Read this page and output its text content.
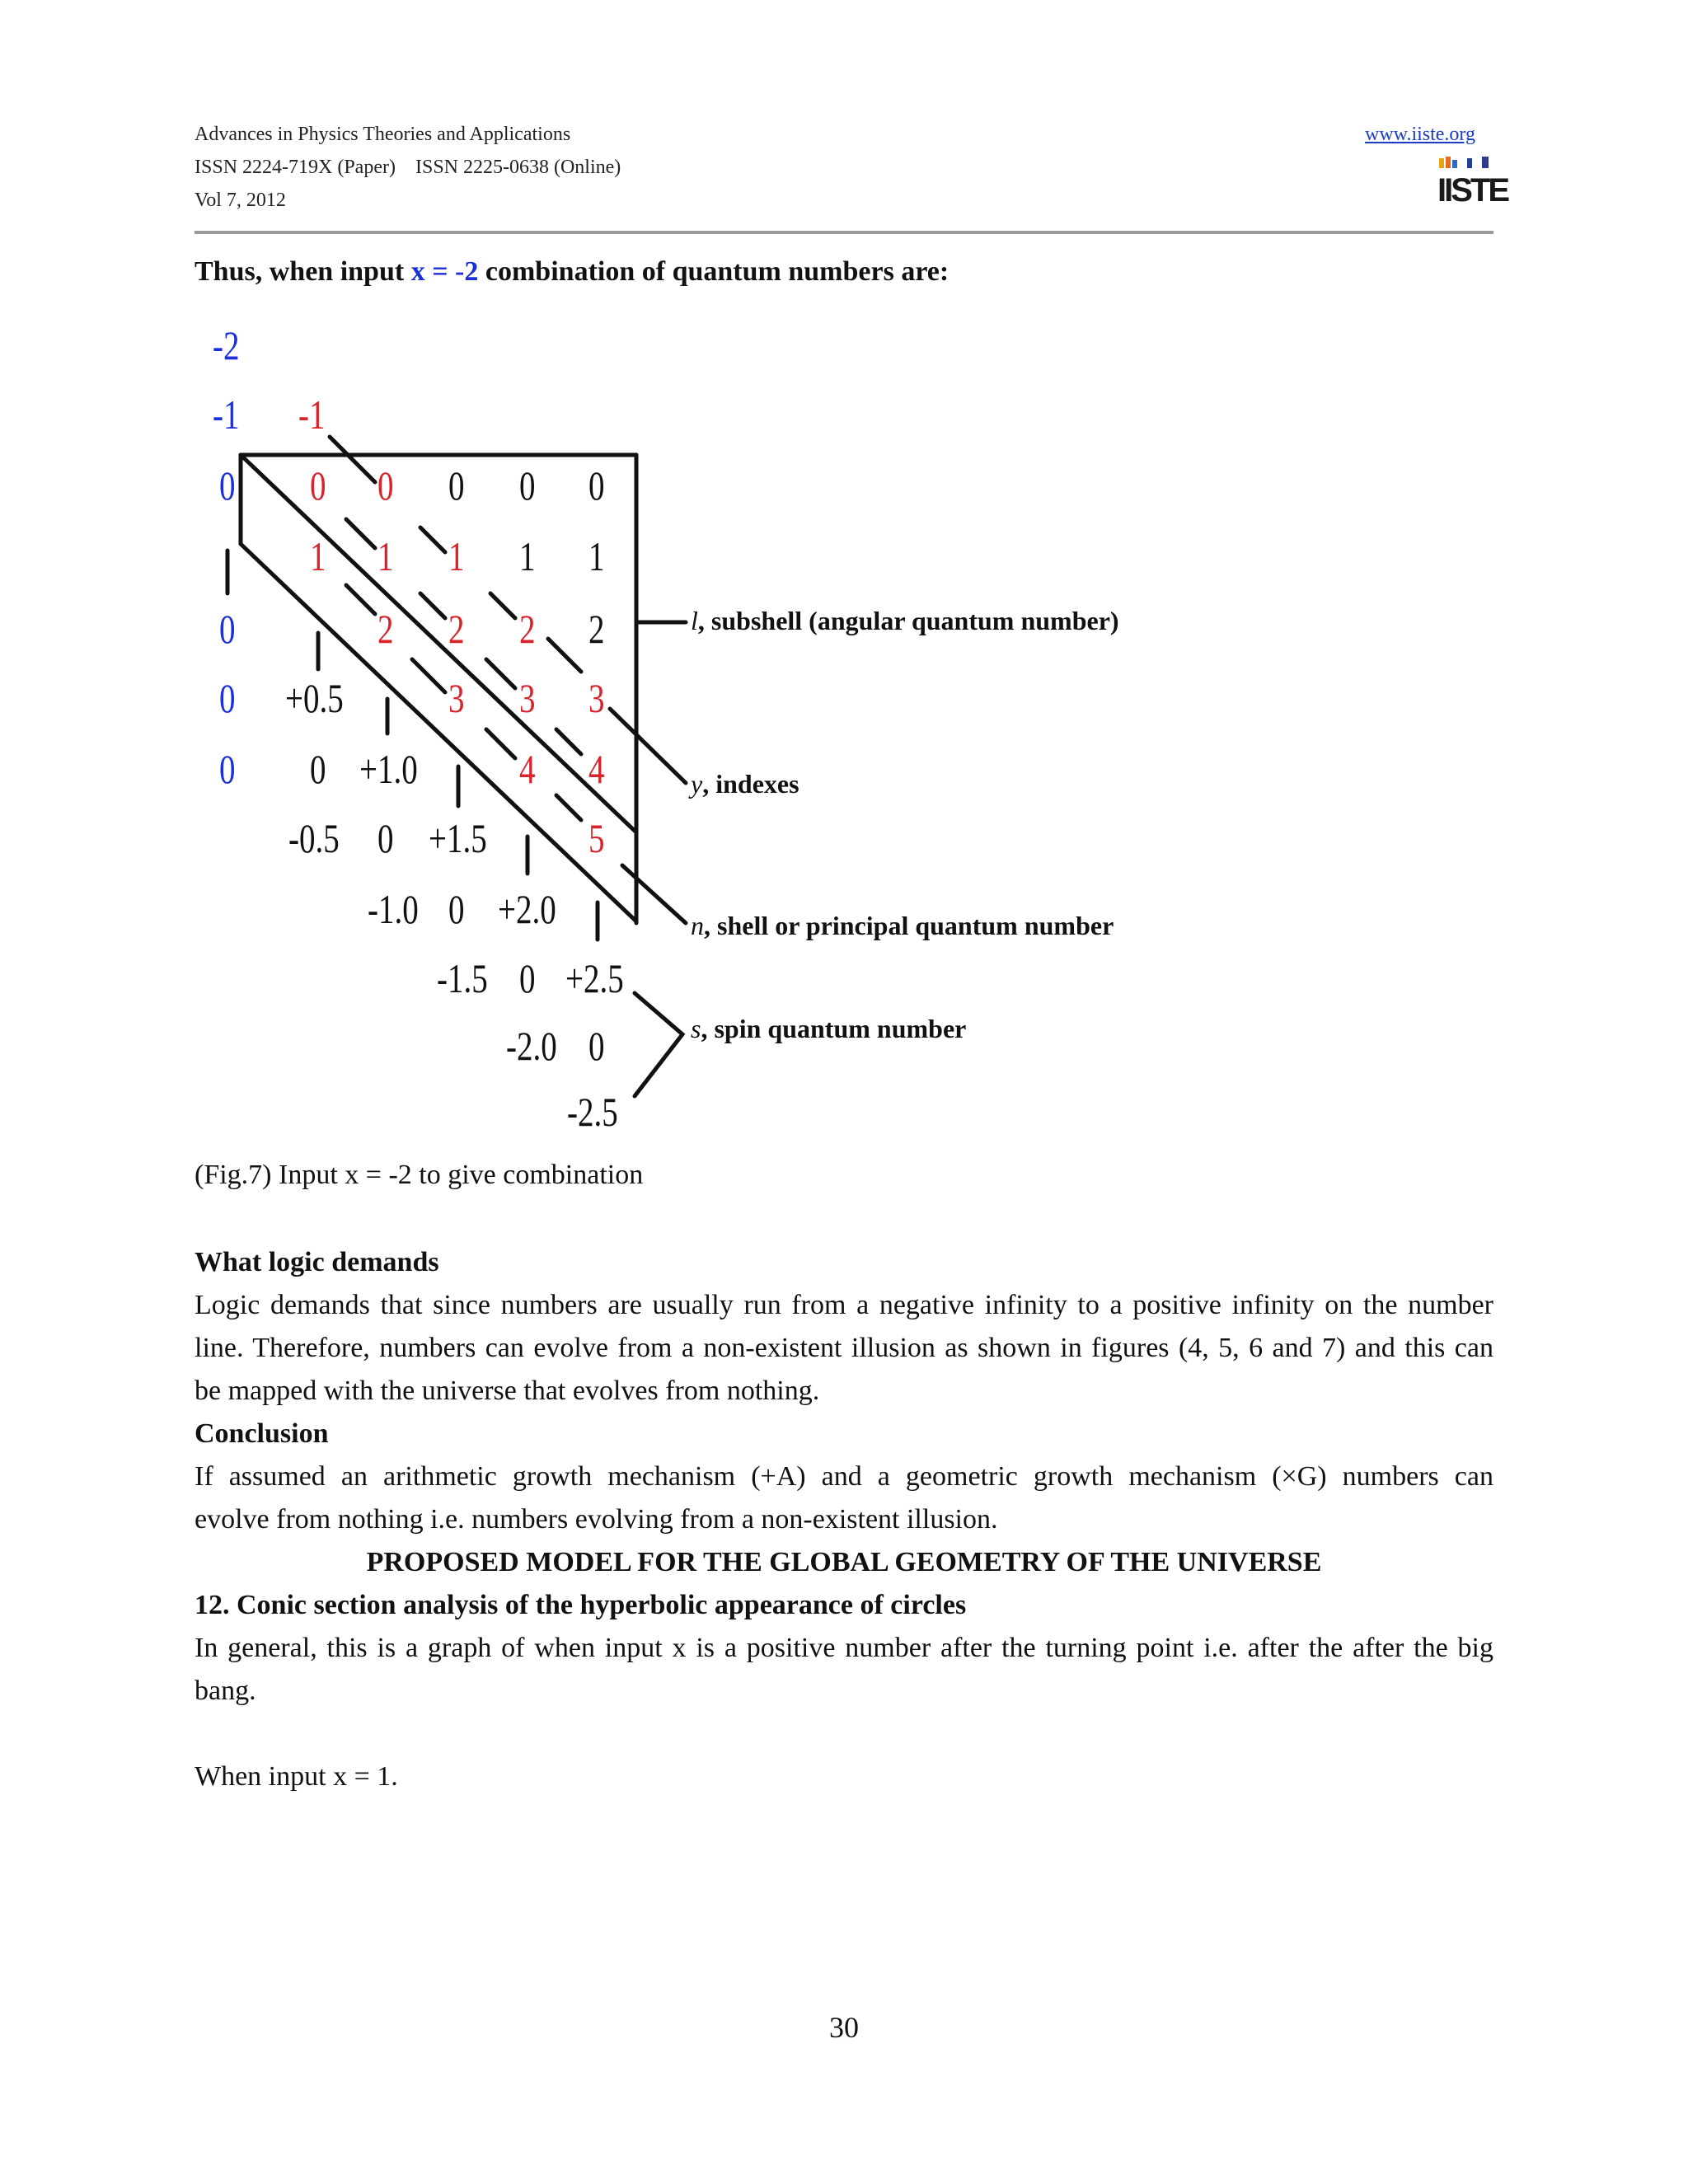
Advances in Physics Theories and Applications
ISSN 2224-719X (Paper)    ISSN 2225-0638 (Online)
Vol 7, 2012
www.iiste.org
IISTE
Thus, when input x = -2 combination of quantum numbers are:
-2
-1 -1
0 0 0 0 0 0
1 1 1 1 1
0	2 2 2 2
0 +0.5	3 3 3
0 0 +1.0 4 4
-0.5 0 +1.5 5
-1.0 0 +2.0
-1.5 0 +2.5
-2.0 0
-2.5
l, subshell (angular quantum number)
y, indexes
n, shell or principal quantum number
s, spin quantum number
(Fig.7) Input x = -2 to give combination
What logic demands
Logic demands that since numbers are usually run from a negative infinity to a positive infinity on the number
line. Therefore, numbers can evolve from a non-existent illusion as shown in figures (4, 5, 6 and 7) and this can
be mapped with the universe that evolves from nothing.
Conclusion
If assumed an arithmetic growth mechanism (+A) and a geometric growth mechanism (×G) numbers can
evolve from nothing i.e. numbers evolving from a non-existent illusion.
PROPOSED MODEL FOR THE GLOBAL GEOMETRY OF THE UNIVERSE
12. Conic section analysis of the hyperbolic appearance of circles
In general, this is a graph of when input x is a positive number after the turning point i.e. after the after the big
bang.
When input x = 1.
30
